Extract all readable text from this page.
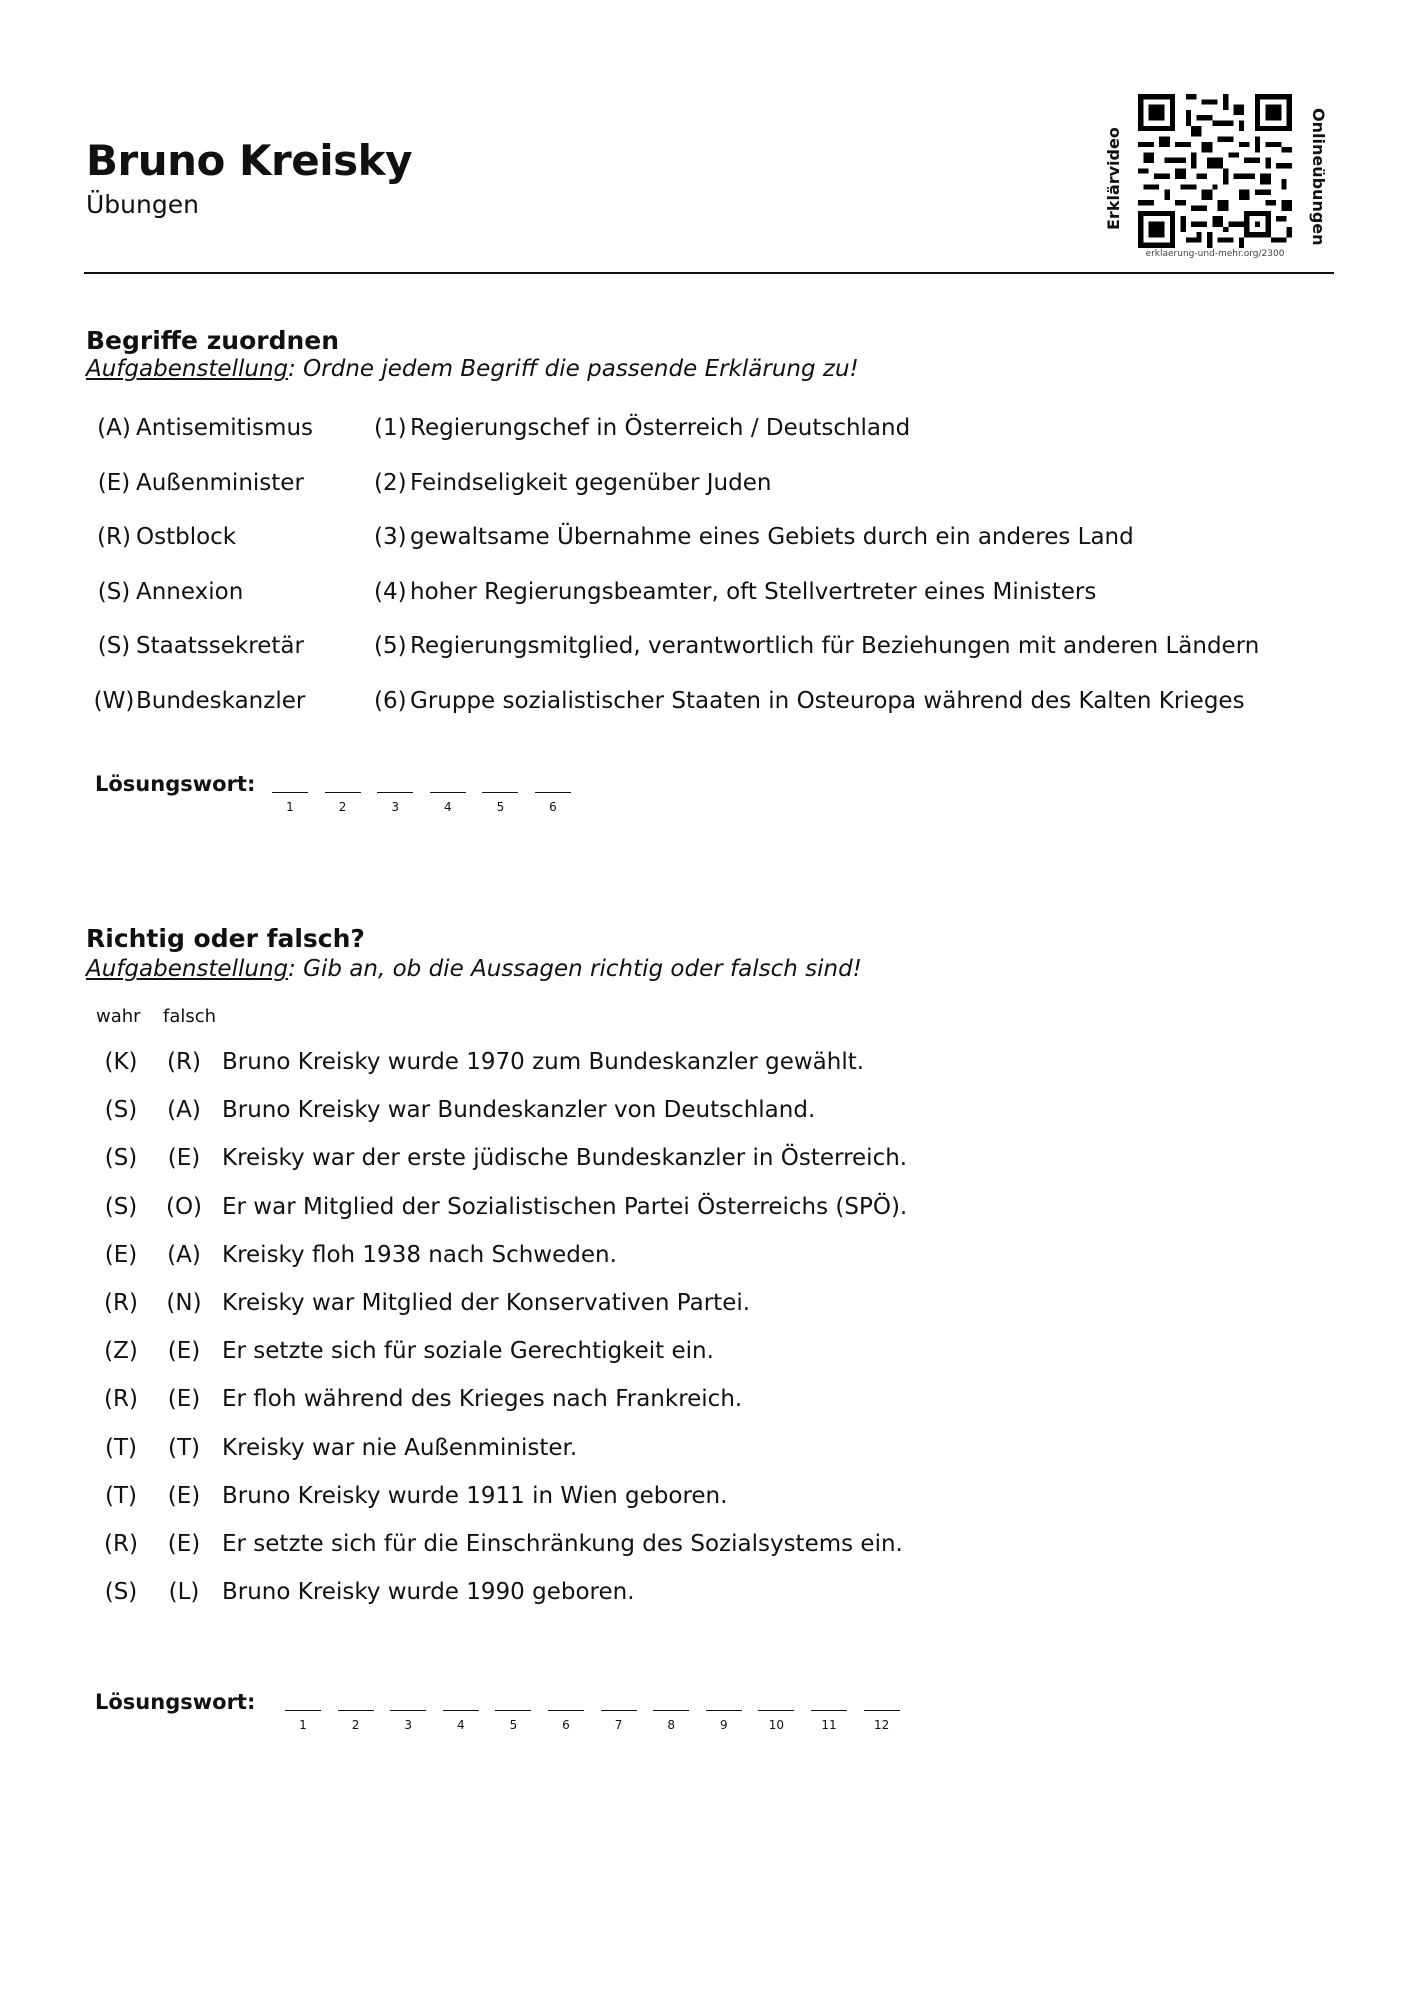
Bruno Kreisky
Übungen	Erklärvideo	Onlineübungen
erklaerung-und-mehr.org/2300
Begriffe zuordnen
Aufgabenstellung: Ordne jedem Begriff die passende Erklärung zu!
(A) Antisemitismus	(1) Regierungschef in Österreich / Deutschland
(E) Außenminister	(2) Feindseligkeit gegenüber Juden
(R) Ostblock	(3) gewaltsame Übernahme eines Gebiets durch ein anderes Land
(S) Annexion	(4) hoher Regierungsbeamter, oft Stellvertreter eines Ministers
(S) Staatssekretär	(5) Regierungsmitglied, verantwortlich für Beziehungen mit anderen Ländern
(W) Bundeskanzler	(6) Gruppe sozialistischer Staaten in Osteuropa während des Kalten Krieges
Lösungswort:
1	2	3	4	5	6
Richtig oder falsch?
Aufgabenstellung: Gib an, ob die Aussagen richtig oder falsch sind!
wahr falsch
(K)	(R) Bruno Kreisky wurde 1970 zum Bundeskanzler gewählt.
(S)	(A) Bruno Kreisky war Bundeskanzler von Deutschland.
(S)	(E) Kreisky war der erste jüdische Bundeskanzler in Österreich.
(S)	(O) Er war Mitglied der Sozialistischen Partei Österreichs (SPÖ).
(E)	(A) Kreisky floh 1938 nach Schweden.
(R)	(N) Kreisky war Mitglied der Konservativen Partei.
(Z)	(E) Er setzte sich für soziale Gerechtigkeit ein.
(R)	(E) Er floh während des Krieges nach Frankreich.
(T)	(T) Kreisky war nie Außenminister.
(T)	(E) Bruno Kreisky wurde 1911 in Wien geboren.
(R)	(E) Er setzte sich für die Einschränkung des Sozialsystems ein.
(S)	(L) Bruno Kreisky wurde 1990 geboren.
Lösungswort:
1	2	3	4	5	6	7	8	9	10	11	12
